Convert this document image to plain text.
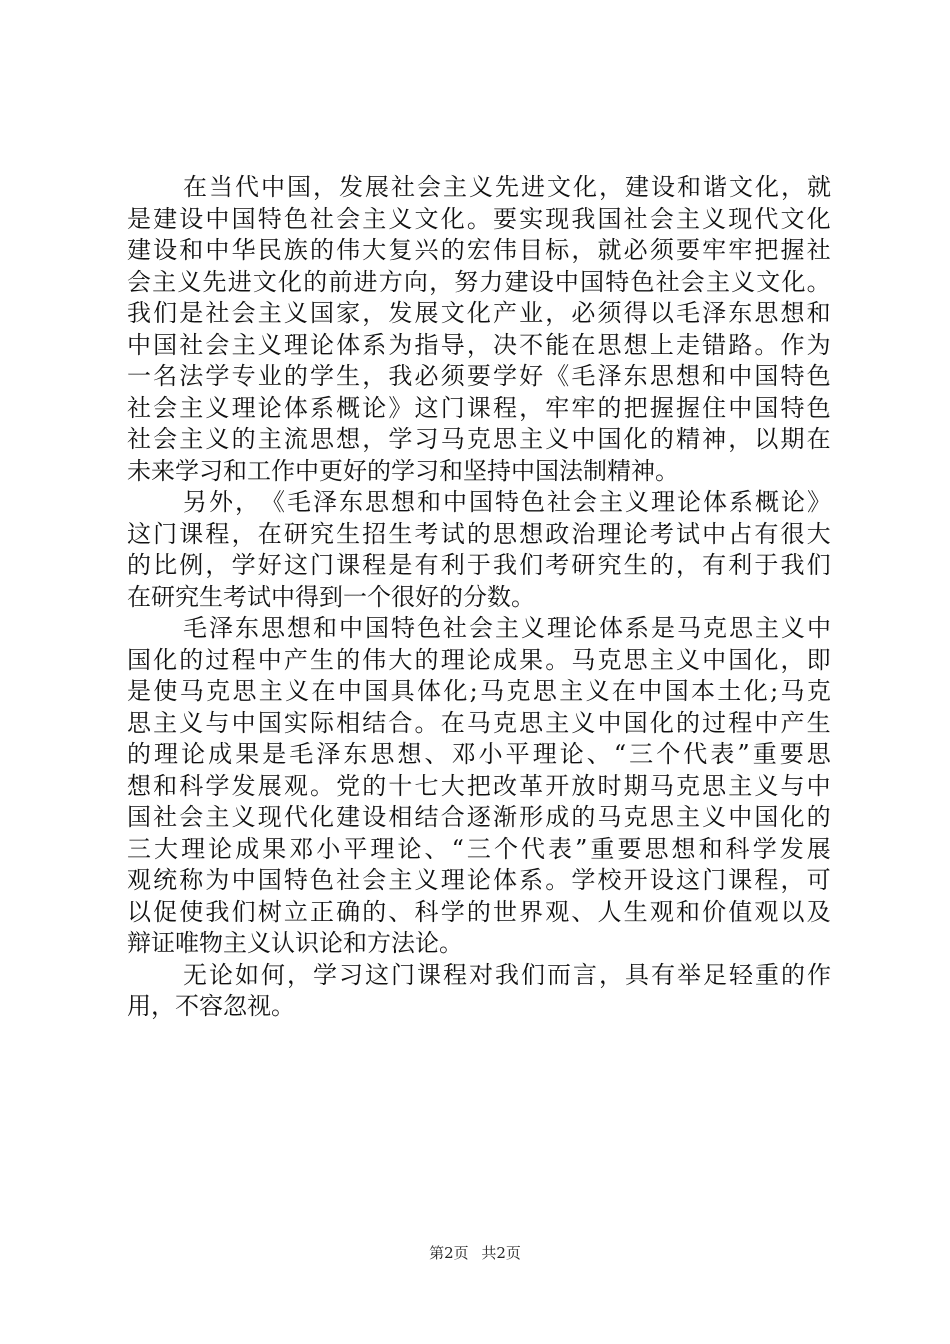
在 当 代 中 国 ， 发 展 社 会 主 义 先 进 文 化 ， 建 设 和 谐 文 化 ， 就
是 建 设 中 国 特 色 社 会 主 义 文 化 。 要 实 现 我 国 社 会 主 义 现 代 文 化
建 设 和 中 华 民 族 的 伟 大 复 兴 的 宏 伟 目 标 ， 就 必 须 要 牢 牢 把 握 社
会 主 义 先 进 文 化 的 前 进 方 向 ， 努 力 建 设 中 国 特 色 社 会 主 义 文 化 。
我 们 是 社 会 主 义 国 家 ， 发 展 文 化 产 业 ， 必 须 得 以 毛 泽 东 思 想 和
中 国 社 会 主 义 理 论 体 系 为 指 导 ， 决 不 能 在 思 想 上 走 错 路 。 作 为
一 名 法 学 专 业 的 学 生 ， 我 必 须 要 学 好 《 毛 泽 东 思 想 和 中 国 特 色
社 会 主 义 理 论 体 系 概 论 》 这 门 课 程 ， 牢 牢 的 把 握 握 住 中 国 特 色
社 会 主 义 的 主 流 思 想 ， 学 习 马 克 思 主 义 中 国 化 的 精 神 ， 以 期 在
未 来 学 习 和 工 作 中 更 好 的 学 习 和 坚 持 中 国 法 制 精 神 。
另 外 ， 《 毛 泽 东 思 想 和 中 国 特 色 社 会 主 义 理 论 体 系 概 论 》
这 门 课 程 ， 在 研 究 生 招 生 考 试 的 思 想 政 治 理 论 考 试 中 占 有 很 大
的 比 例 ， 学 好 这 门 课 程 是 有 利 于 我 们 考 研 究 生 的 ， 有 利 于 我 们
在 研 究 生 考 试 中 得 到 一 个 很 好 的 分 数 。
毛 泽 东 思 想 和 中 国 特 色 社 会 主 义 理 论 体 系 是 马 克 思 主 义 中
国 化 的 过 程 中 产 生 的 伟 大 的 理 论 成 果 。 马 克 思 主 义 中 国 化 ， 即
是 使 马 克 思 主 义 在 中 国 具 体 化 ; 马 克 思 主 义 在 中 国 本 土 化 ; 马 克
思 主 义 与 中 国 实 际 相 结 合 。 在 马 克 思 主 义 中 国 化 的 过 程 中 产 生
的 理 论 成 果 是 毛 泽 东 思 想 、 邓 小 平 理 论 、 “ 三 个 代 表 ” 重 要 思
想 和 科 学 发 展 观 。 党 的 十 七 大 把 改 革 开 放 时 期 马 克 思 主 义 与 中
国 社 会 主 义 现 代 化 建 设 相 结 合 逐 渐 形 成 的 马 克 思 主 义 中 国 化 的
三 大 理 论 成 果 邓 小 平 理 论 、 “ 三 个 代 表 ” 重 要 思 想 和 科 学 发 展
观 统 称 为 中 国 特 色 社 会 主 义 理 论 体 系 。 学 校 开 设 这 门 课 程 ， 可
以 促 使 我 们 树 立 正 确 的 、 科 学 的 世 界 观 、 人 生 观 和 价 值 观 以 及
辩 证 唯 物 主 义 认 识 论 和 方 法 论 。
无 论 如 何 ， 学 习 这 门 课 程 对 我 们 而 言 ， 具 有 举 足 轻 重 的 作
用 ， 不 容 忽 视 。
第2页 共2页
